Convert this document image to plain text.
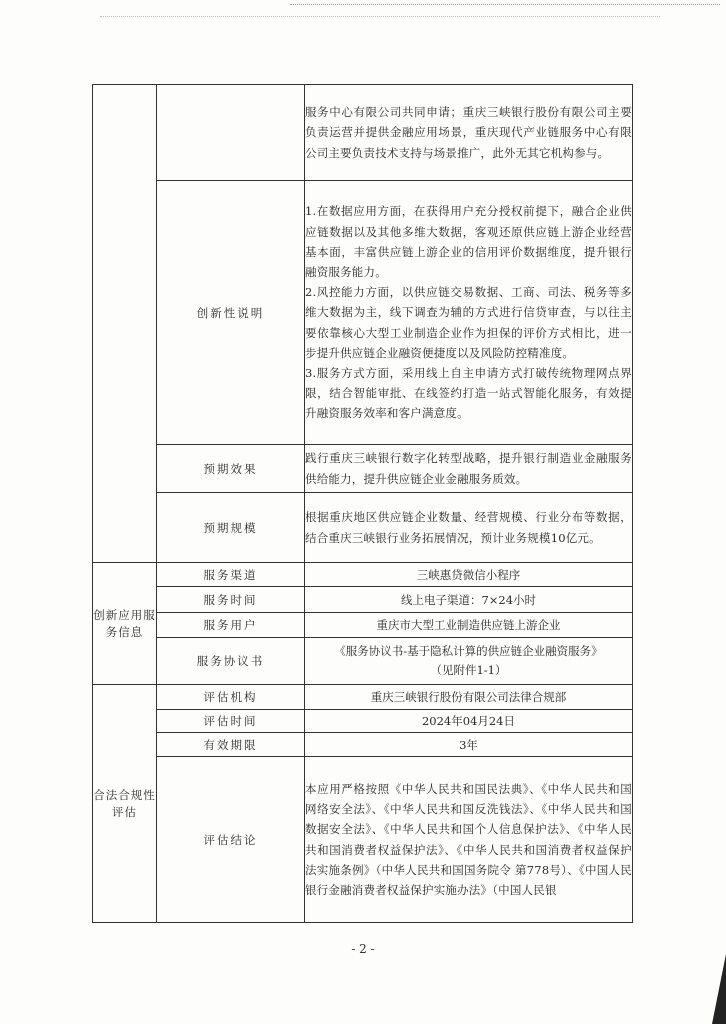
		服务中心有限公司共同申请；重庆三峡银行股份有限公司主要负责运营并提供金融应用场景，重庆现代产业链服务中心有限公司主要负责技术支持与场景推广，此外无其它机构参与。
	创新性说明	1.在数据应用方面，在获得用户充分授权前提下，融合企业供应链数据以及其他多维大数据，客观还原供应链上游企业经营基本面，丰富供应链上游企业的信用评价数据维度，提升银行融资服务能力。
2.风控能力方面，以供应链交易数据、工商、司法、税务等多维大数据为主，线下调查为辅的方式进行信贷审查，与以往主要依靠核心大型工业制造企业作为担保的评价方式相比，进一步提升供应链企业融资便捷度以及风险防控精准度。
3.服务方式方面，采用线上自主申请方式打破传统物理网点界限，结合智能审批、在线签约打造一站式智能化服务，有效提升融资服务效率和客户满意度。

	预期效果	践行重庆三峡银行数字化转型战略，提升银行制造业金融服务供给能力，提升供应链企业金融服务质效。
	预期规模	根据重庆地区供应链企业数量、经营规模、行业分布等数据，结合重庆三峡银行业务拓展情况，预计业务规模10亿元。
创新应用服务信息	服务渠道	三峡惠贷微信小程序
	服务时间	线上电子渠道：7×24小时
	服务用户	重庆市大型工业制造供应链上游企业
	服务协议书	《服务协议书-基于隐私计算的供应链企业融资服务》
（见附件1-1）

合法合规性评估	评估机构	重庆三峡银行股份有限公司法律合规部
	评估时间	2024年04月24日
	有效期限	3年
	评估结论	本应用严格按照《中华人民共和国民法典》、《中华人民共和国网络安全法》、《中华人民共和国反洗钱法》、《中华人民共和国数据安全法》、《中华人民共和国个人信息保护法》、《中华人民共和国消费者权益保护法》、《中华人民共和国消费者权益保护法实施条例》（中华人民共和国国务院令 第778号）、《中国人民银行金融消费者权益保护实施办法》（中国人民银
- 2 -
